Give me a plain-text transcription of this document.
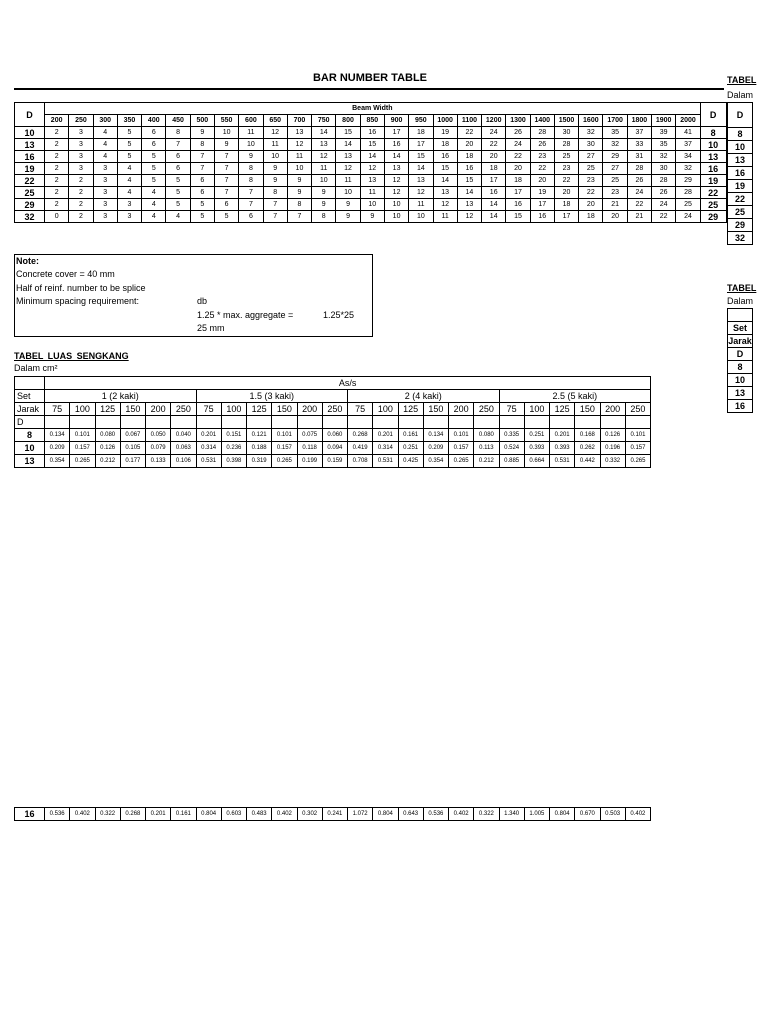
BAR NUMBER TABLE	TABEL
Dalam
D
8
10
13
16
19
22
25
29
32
D	Beam Width																											D
	200	250	300	350	400	450	500	550	600	650	700	750	800	850	900	950	1000	1100	1200	1300	1400	1500	1600	1700	1800	1900	2000	
10	2	3	4	5	6	8	9	10	11	12	13	14	15	16	17	18	19	22	24	26	28	30	32	35	37	39	41	8
13	2	3	4	5	6	7	8	9	10	11	12	13	14	15	16	17	18	20	22	24	26	28	30	32	33	35	37	10
16	2	3	4	5	5	6	7	7	9	10	11	12	13	14	14	15	16	18	20	22	23	25	27	29	31	32	34	13
19	2	3	3	4	5	6	7	7	8	9	10	11	12	12	13	14	15	16	18	20	22	23	25	27	28	30	32	16
22	2	2	3	4	5	5	6	7	8	9	9	10	11	13	12	13	14	15	17	18	20	22	23	25	26	28	29	19
25	2	2	3	4	4	5	6	7	7	8	9	9	10	11	12	12	13	14	16	17	19	20	22	23	24	26	28	22
29	2	2	3	3	4	5	5	6	7	7	8	9	9	10	10	11	12	13	14	16	17	18	20	21	22	24	25	25
32	0	2	3	3	4	4	5	5	6	7	7	8	9	9	10	10	11	12	14	15	16	17	18	20	21	22	24	29
Note:
Concrete cover = 40 mm
Half of reinf. number to be splice
Minimum spacing requirement:	db
1.25 * max. aggregate =	1.25*25
25 mm
TABEL
Dalam

Set
Jarak
D
8
10
13
16
TABEL LUAS SENGKANG
Dalam cm²
	As/s																							
Set	1 (2 kaki)						1.5 (3 kaki)						2 (4 kaki)						2.5 (5 kaki)					
Jarak	75	100	125	150	200	250	75	100	125	150	200	250	75	100	125	150	200	250	75	100	125	150	200	250
D																								
8	0.134	0.101	0.080	0.067	0.050	0.040	0.201	0.151	0.121	0.101	0.075	0.060	0.268	0.201	0.161	0.134	0.101	0.080	0.335	0.251	0.201	0.168	0.126	0.101
10	0.209	0.157	0.126	0.105	0.079	0.063	0.314	0.236	0.188	0.157	0.118	0.094	0.419	0.314	0.251	0.209	0.157	0.113	0.524	0.393	0.393	0.262	0.196	0.157
13	0.354	0.265	0.212	0.177	0.133	0.106	0.531	0.398	0.319	0.265	0.199	0.159	0.708	0.531	0.425	0.354	0.265	0.212	0.885	0.664	0.531	0.442	0.332	0.265
16	0.536	0.402	0.322	0.268	0.201	0.161	0.804	0.603	0.483	0.402	0.302	0.241	1.072	0.804	0.643	0.536	0.402	0.322	1.340	1.005	0.804	0.670	0.503	0.402
